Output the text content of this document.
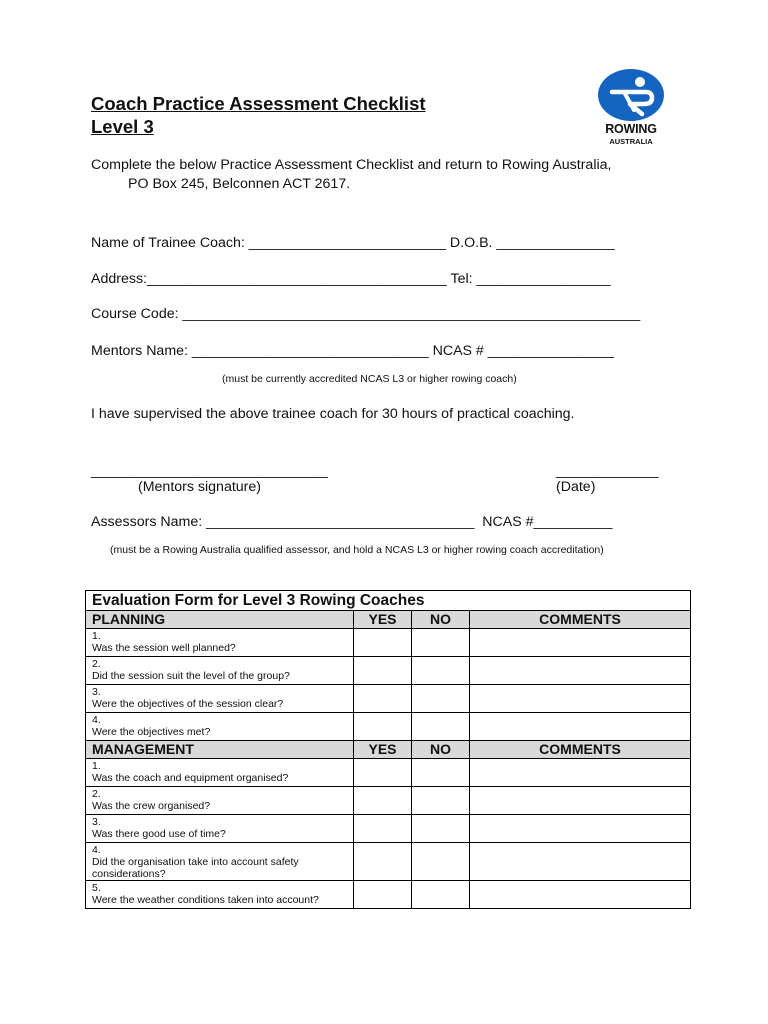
Coach Practice Assessment Checklist
Level 3	ROWING
AUSTRALIA
Complete the below Practice Assessment Checklist and return to Rowing Australia,
PO Box 245, Belconnen ACT 2617.
Name of Trainee Coach: _________________________ D.O.B. _______________
Address:______________________________________ Tel: _________________
Course Code: __________________________________________________________
Mentors Name: ______________________________ NCAS # ________________
(must be currently accredited NCAS L3 or higher rowing coach)
I have supervised the above trainee coach for 30 hours of practical coaching.
______________________________	_____________
(Mentors signature)	(Date)
Assessors Name: __________________________________  NCAS #__________
(must be a Rowing Australia qualified assessor, and hold a NCAS L3 or higher rowing coach accreditation)
Evaluation Form for Level 3 Rowing Coaches			
PLANNING	YES	NO	COMMENTS
1.Was the session well planned?			
2.Did the session suit the level of the group?			
3.Were the objectives of the session clear?			
4.Were the objectives met?			
MANAGEMENT	YES	NO	COMMENTS
1.Was the coach and equipment organised?			
2.Was the crew organised?			
3.Was there good use of time?			
4.Did the organisation take into account safety considerations?			
5.Were the weather conditions taken into account?			
